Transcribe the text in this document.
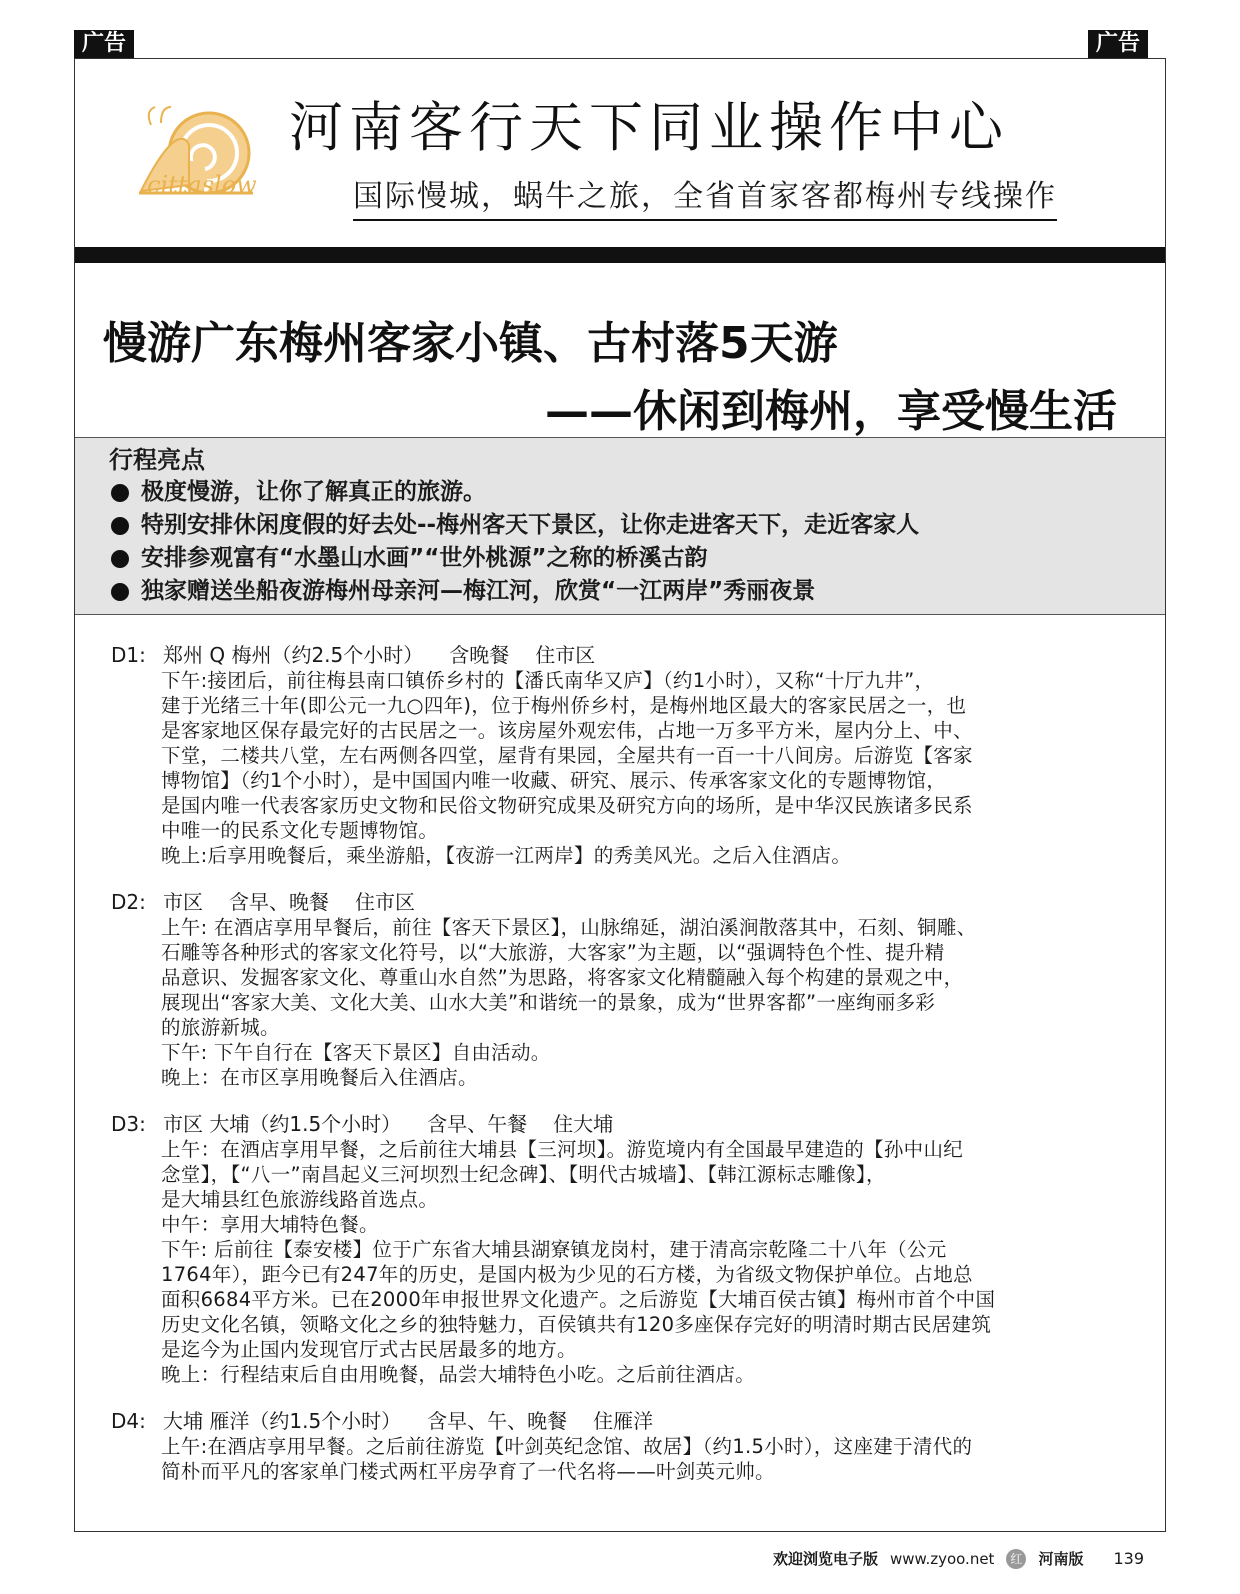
广告	广告
cittaslow
河南客行天下同业操作中心
国际慢城，蜗牛之旅，全省首家客都梅州专线操作
慢游广东梅州客家小镇、古村落5天游
——休闲到梅州，享受慢生活
行程亮点
极度慢游，让你了解真正的旅游。
特别安排休闲度假的好去处--梅州客天下景区，让你走进客天下，走近客家人
安排参观富有“水墨山水画”“世外桃源”之称的桥溪古韵
独家赠送坐船夜游梅州母亲河—梅江河，欣赏“一江两岸”秀丽夜景
D1: 郑州 Q 梅州（约2.5个小时） 含晚餐 住市区
下午:接团后，前往梅县南口镇侨乡村的【潘氏南华又庐】（约1小时），又称“十厅九井”，
建于光绪三十年(即公元一九○四年)，位于梅州侨乡村，是梅州地区最大的客家民居之一，也
是客家地区保存最完好的古民居之一。该房屋外观宏伟，占地一万多平方米，屋内分上、中、
下堂，二楼共八堂，左右两侧各四堂，屋背有果园，全屋共有一百一十八间房。后游览【客家
博物馆】（约1个小时），是中国国内唯一收藏、研究、展示、传承客家文化的专题博物馆，
是国内唯一代表客家历史文物和民俗文物研究成果及研究方向的场所，是中华汉民族诸多民系
中唯一的民系文化专题博物馆。
晚上:后享用晚餐后，乘坐游船，【夜游一江两岸】的秀美风光。之后入住酒店。
D2: 市区 含早、晚餐 住市区
上午: 在酒店享用早餐后，前往【客天下景区】，山脉绵延，湖泊溪涧散落其中，石刻、铜雕、
石雕等各种形式的客家文化符号，以“大旅游，大客家”为主题，以“强调特色个性、提升精
品意识、发掘客家文化、尊重山水自然”为思路，将客家文化精髓融入每个构建的景观之中，
展现出“客家大美、文化大美、山水大美”和谐统一的景象，成为“世界客都”一座绚丽多彩
的旅游新城。
下午: 下午自行在【客天下景区】自由活动。
晚上：在市区享用晚餐后入住酒店。
D3: 市区 大埔（约1.5个小时） 含早、午餐 住大埔
上午：在酒店享用早餐，之后前往大埔县【三河坝】。游览境内有全国最早建造的【孙中山纪
念堂】，【“八一”南昌起义三河坝烈士纪念碑】、【明代古城墙】、【韩江源标志雕像】，
是大埔县红色旅游线路首选点。
中午：享用大埔特色餐。
下午: 后前往【泰安楼】位于广东省大埔县湖寮镇龙岗村，建于清高宗乾隆二十八年（公元
1764年），距今已有247年的历史，是国内极为少见的石方楼，为省级文物保护单位。占地总
面积6684平方米。已在2000年申报世界文化遗产。之后游览【大埔百侯古镇】梅州市首个中国
历史文化名镇，领略文化之乡的独特魅力，百侯镇共有120多座保存完好的明清时期古民居建筑
是迄今为止国内发现官厅式古民居最多的地方。
晚上：行程结束后自由用晚餐，品尝大埔特色小吃。之后前往酒店。
D4: 大埔 雁洋（约1.5个小时） 含早、午、晚餐 住雁洋
上午:在酒店享用早餐。之后前往游览【叶剑英纪念馆、故居】（约1.5小时），这座建于清代的
简朴而平凡的客家单门楼式两杠平房孕育了一代名将——叶剑英元帅。
欢迎浏览电子版 www.zyoo.net	红 河南版 139
